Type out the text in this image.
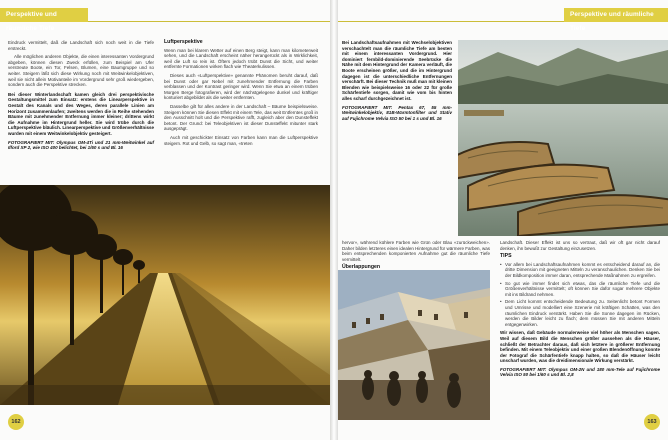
Perspektive und räumliche Tiefe

Eindruck vermittelt, daß die Landschaft sich noch weit in die Tiefe erstreckt.

Alle möglichen anderen Objekte, die einen interessanten Vordergrund abgeben, können diesen Zweck erfüllen, zum Beispiel am Ufer verstreute Boote, ein Tor, Felsen, Blumen, eine Baumgruppe und so weiter. Steigern läßt sich diese Wirkung noch mit Weitwinkelobjektiven, weil sie nicht allein Motivanteile im Vordergrund sehr groß wiedergeben, sondern auch die Perspektive strecken.

Bei dieser Winterlandschaft kamen gleich drei perspektivische Gestaltungsmittel zum Einsatz: erstens die Linearperspektive in Gestalt des Kanals und des Weges, deren parallele Linien am Horizont zusammenlaufen; zweitens werden die in Reihe stehenden Bäume mit zunehmender Entfernung immer kleiner; drittens wirkt die Aufnahme im Hintergrund heller. Sie wird trübe durch die Luftperspektive bläulich. Linearperspektive und Größenverhältnisse wurden mit einem Weitwinkelobjektiv gesteigert.

FOTOGRAFIERT MIT: Olympus OM-4Ti und 21 mm-Weitwinkel auf Ilford XP 2, wie ISO 400 belichtet, bei 1/60 s und Bl. 16

Luftperspektive

Wenn man bei klarem Wetter auf einen Berg steigt, kann man kilometerweit sehen, und die Landschaft erscheint näher herangerückt als in Wirklichkeit, weil die Luft so rein ist. Öfters jedoch trübt Dunst die Sicht, und weiter entfernte Formationen wirken flach wie Theaterkulissen.

Dieses auch «Luftperspektive» genannte Phänomen beruht darauf, daß bei Dunst oder gar Nebel mit zunehmender Entfernung die Farben verblassen und der Kontrast geringer wird. Wenn Sie etwa an einem trüben Morgen Berge fotografieren, wird der nächstgelegene dunkel und kräftiger konturiert abgebildet als die weiter entfernten.

Dasselbe gilt für alles andere in der Landschaft – Bäume beispielsweise. Steigern können Sie diesen Effekt mit einem Tele, das weit Entferntes groß in den Ausschnitt holt und die Perspektive rafft, zugleich aber den Dunsteffekt betont. Der Grund: bei Teleobjektiven ist dieser Dunsteffekt mitunter stark ausgeprägt.

Auch mit geschickter Einsatz von Farben kann man die Luftperspektive steigern. Rot und Gelb, so sagt man, «treten

162
Perspektive und räumliche Tiefe

Bei Landschaftsaufnahmen mit Wechselobjektiven verschachtelt man die räumliche Tiefe am besten mit einem interessanten Vordergrund. Hier dominiert fernbild-dominierende Seebrücke die Nähe mit dem Hintergrund der Kamera verläuft, die Boote erscheinen größer, und die im Hintergrund dagegen ist die unterschiedliche Entfernungen verschärft. Bei dieser Technik muß man mit kleinen Blenden wie beispielsweise 16 oder 22 für große Schärfentiefe sorgen, damit wie vom bis hinten alles scharf durchgezeichnet ist.

FOTOGRAFIERT MIT: Pentax 67, 55 mm-Weitwinkelobjektiv, 81B-Warmtonfilter und Stativ auf Fujichrome Velvia ISO 50 bei 1 s und Bl. 16

hervor», während kühlere Farben wie Grün oder Blau «zurückweichen». Daher bilden letzteres einen idealen Hintergrund für wärmere Farben, was beim entsprechenden komponierten Aufnahme gut die räumliche Tiefe vermittelt.

Überlappungen

Landschaft. Dieser Effekt ist uns so vertraut, daß wir oft gar nicht darauf denken, ihn bewußt zur Gestaltung einzusetzen.

TIPS
• Vor allem bei Landschaftsaufnahmen kommt es entscheidend darauf an, die dritte Dimension mit geeigneten Mitteln zu veranschaulichen. Denken Sie bei der Bildkomposition immer daran, entsprechende Maßnahmen zu ergreifen.
• So gut wie immer findet sich etwas, das die räumliche Tiefe und die Größenverhältnisse vermittelt; oft können Sie dafür sogar mehrere Objekte mit ins Bildrand nehmen.
• Dem Licht kommt entscheidende Bedeutung zu. Seitenlicht betont Formen und Umrisse und modelliert eine Szenerie mit kräftigen Schatten, was den räumlichen Eindruck verstärkt. Haben Sie die Sonne dagegen im Rücken, werden die Bilder leicht zu flach; dem müssen Sie mit anderen Mitteln entgegenwirken.

Wir wissen, daß Gebäude normalerweise viel höher als Menschen sagen. Weil auf diesem Bild die Menschen größer aussehen als die Häuser, schließt der Betrachter daraus, daß sich letztere in größerer Entfernung befinden. Mit einem Teleobjektiv und einer großen Blendenöffnung konnte der Fotograf die Schärfentiefe knapp halten, so daß die Häuser leicht unscharf wurden, was die dreidimensionale Wirkung verstärkt.

FOTOGRAFIERT MIT: Olympus OM-2N und 180 mm-Tele auf Fujichrome Velvia ISO 50 bei 1/60 s und Bl. 2,8

163
